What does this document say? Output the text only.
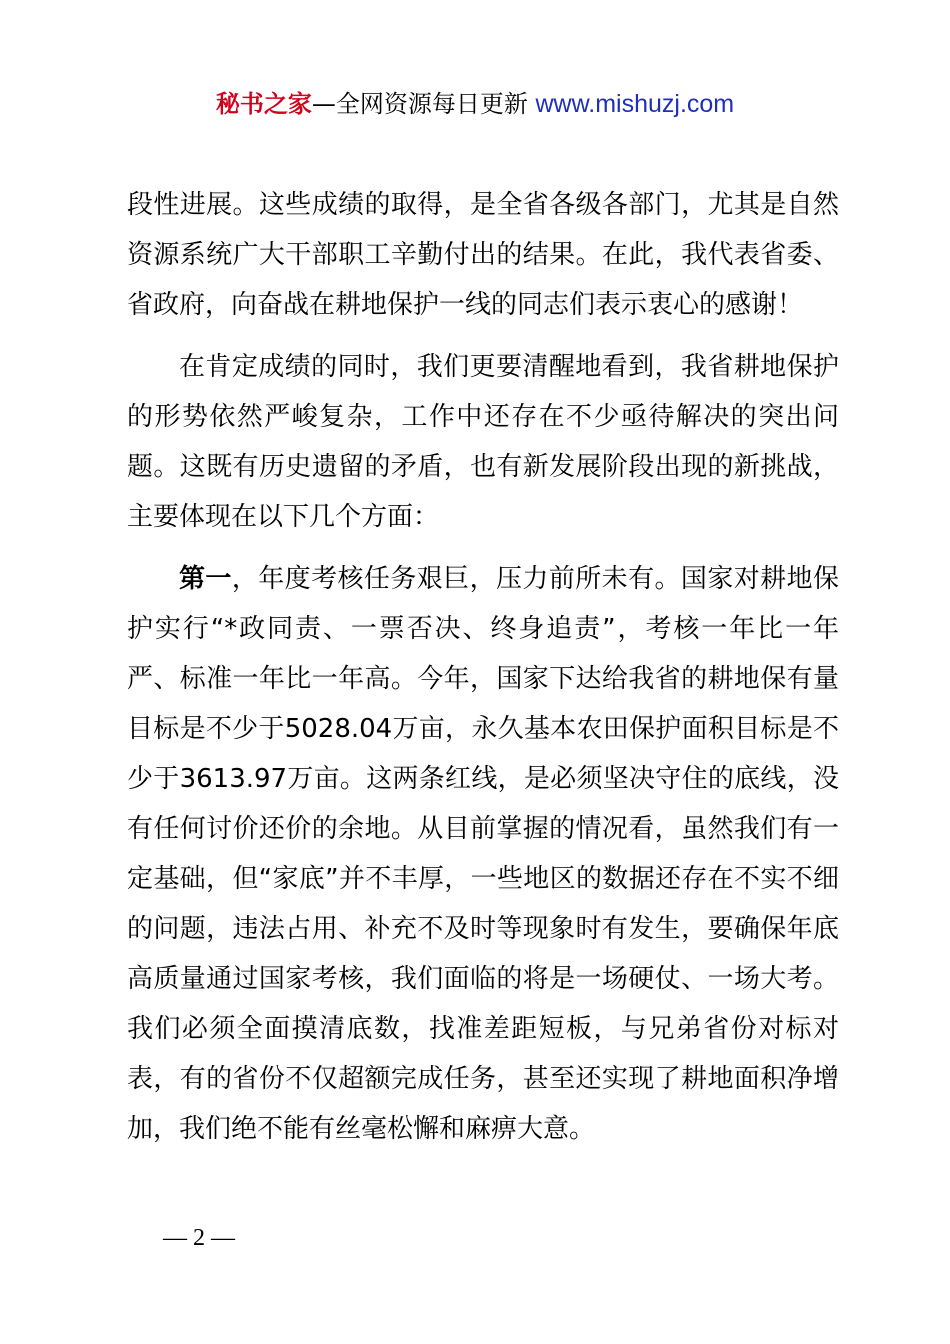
秘书之家—全网资源每日更新 www.mishuzj.com

段性进展。这些成绩的取得，是全省各级各部门，尤其是自然资源系统广大干部职工辛勤付出的结果。在此，我代表省委、省政府，向奋战在耕地保护一线的同志们表示衷心的感谢！

在肯定成绩的同时，我们更要清醒地看到，我省耕地保护的形势依然严峻复杂，工作中还存在不少亟待解决的突出问题。这既有历史遗留的矛盾，也有新发展阶段出现的新挑战，主要体现在以下几个方面：

第一，年度考核任务艰巨，压力前所未有。国家对耕地保护实行“*政同责、一票否决、终身追责”，考核一年比一年严、标准一年比一年高。今年，国家下达给我省的耕地保有量目标是不少于5028.04万亩，永久基本农田保护面积目标是不少于3613.97万亩。这两条红线，是必须坚决守住的底线，没有任何讨价还价的余地。从目前掌握的情况看，虽然我们有一定基础，但“家底”并不丰厚，一些地区的数据还存在不实不细的问题，违法占用、补充不及时等现象时有发生，要确保年底高质量通过国家考核，我们面临的将是一场硬仗、一场大考。我们必须全面摸清底数，找准差距短板，与兄弟省份对标对表，有的省份不仅超额完成任务，甚至还实现了耕地面积净增加，我们绝不能有丝毫松懈和麻痹大意。

— 2 —
